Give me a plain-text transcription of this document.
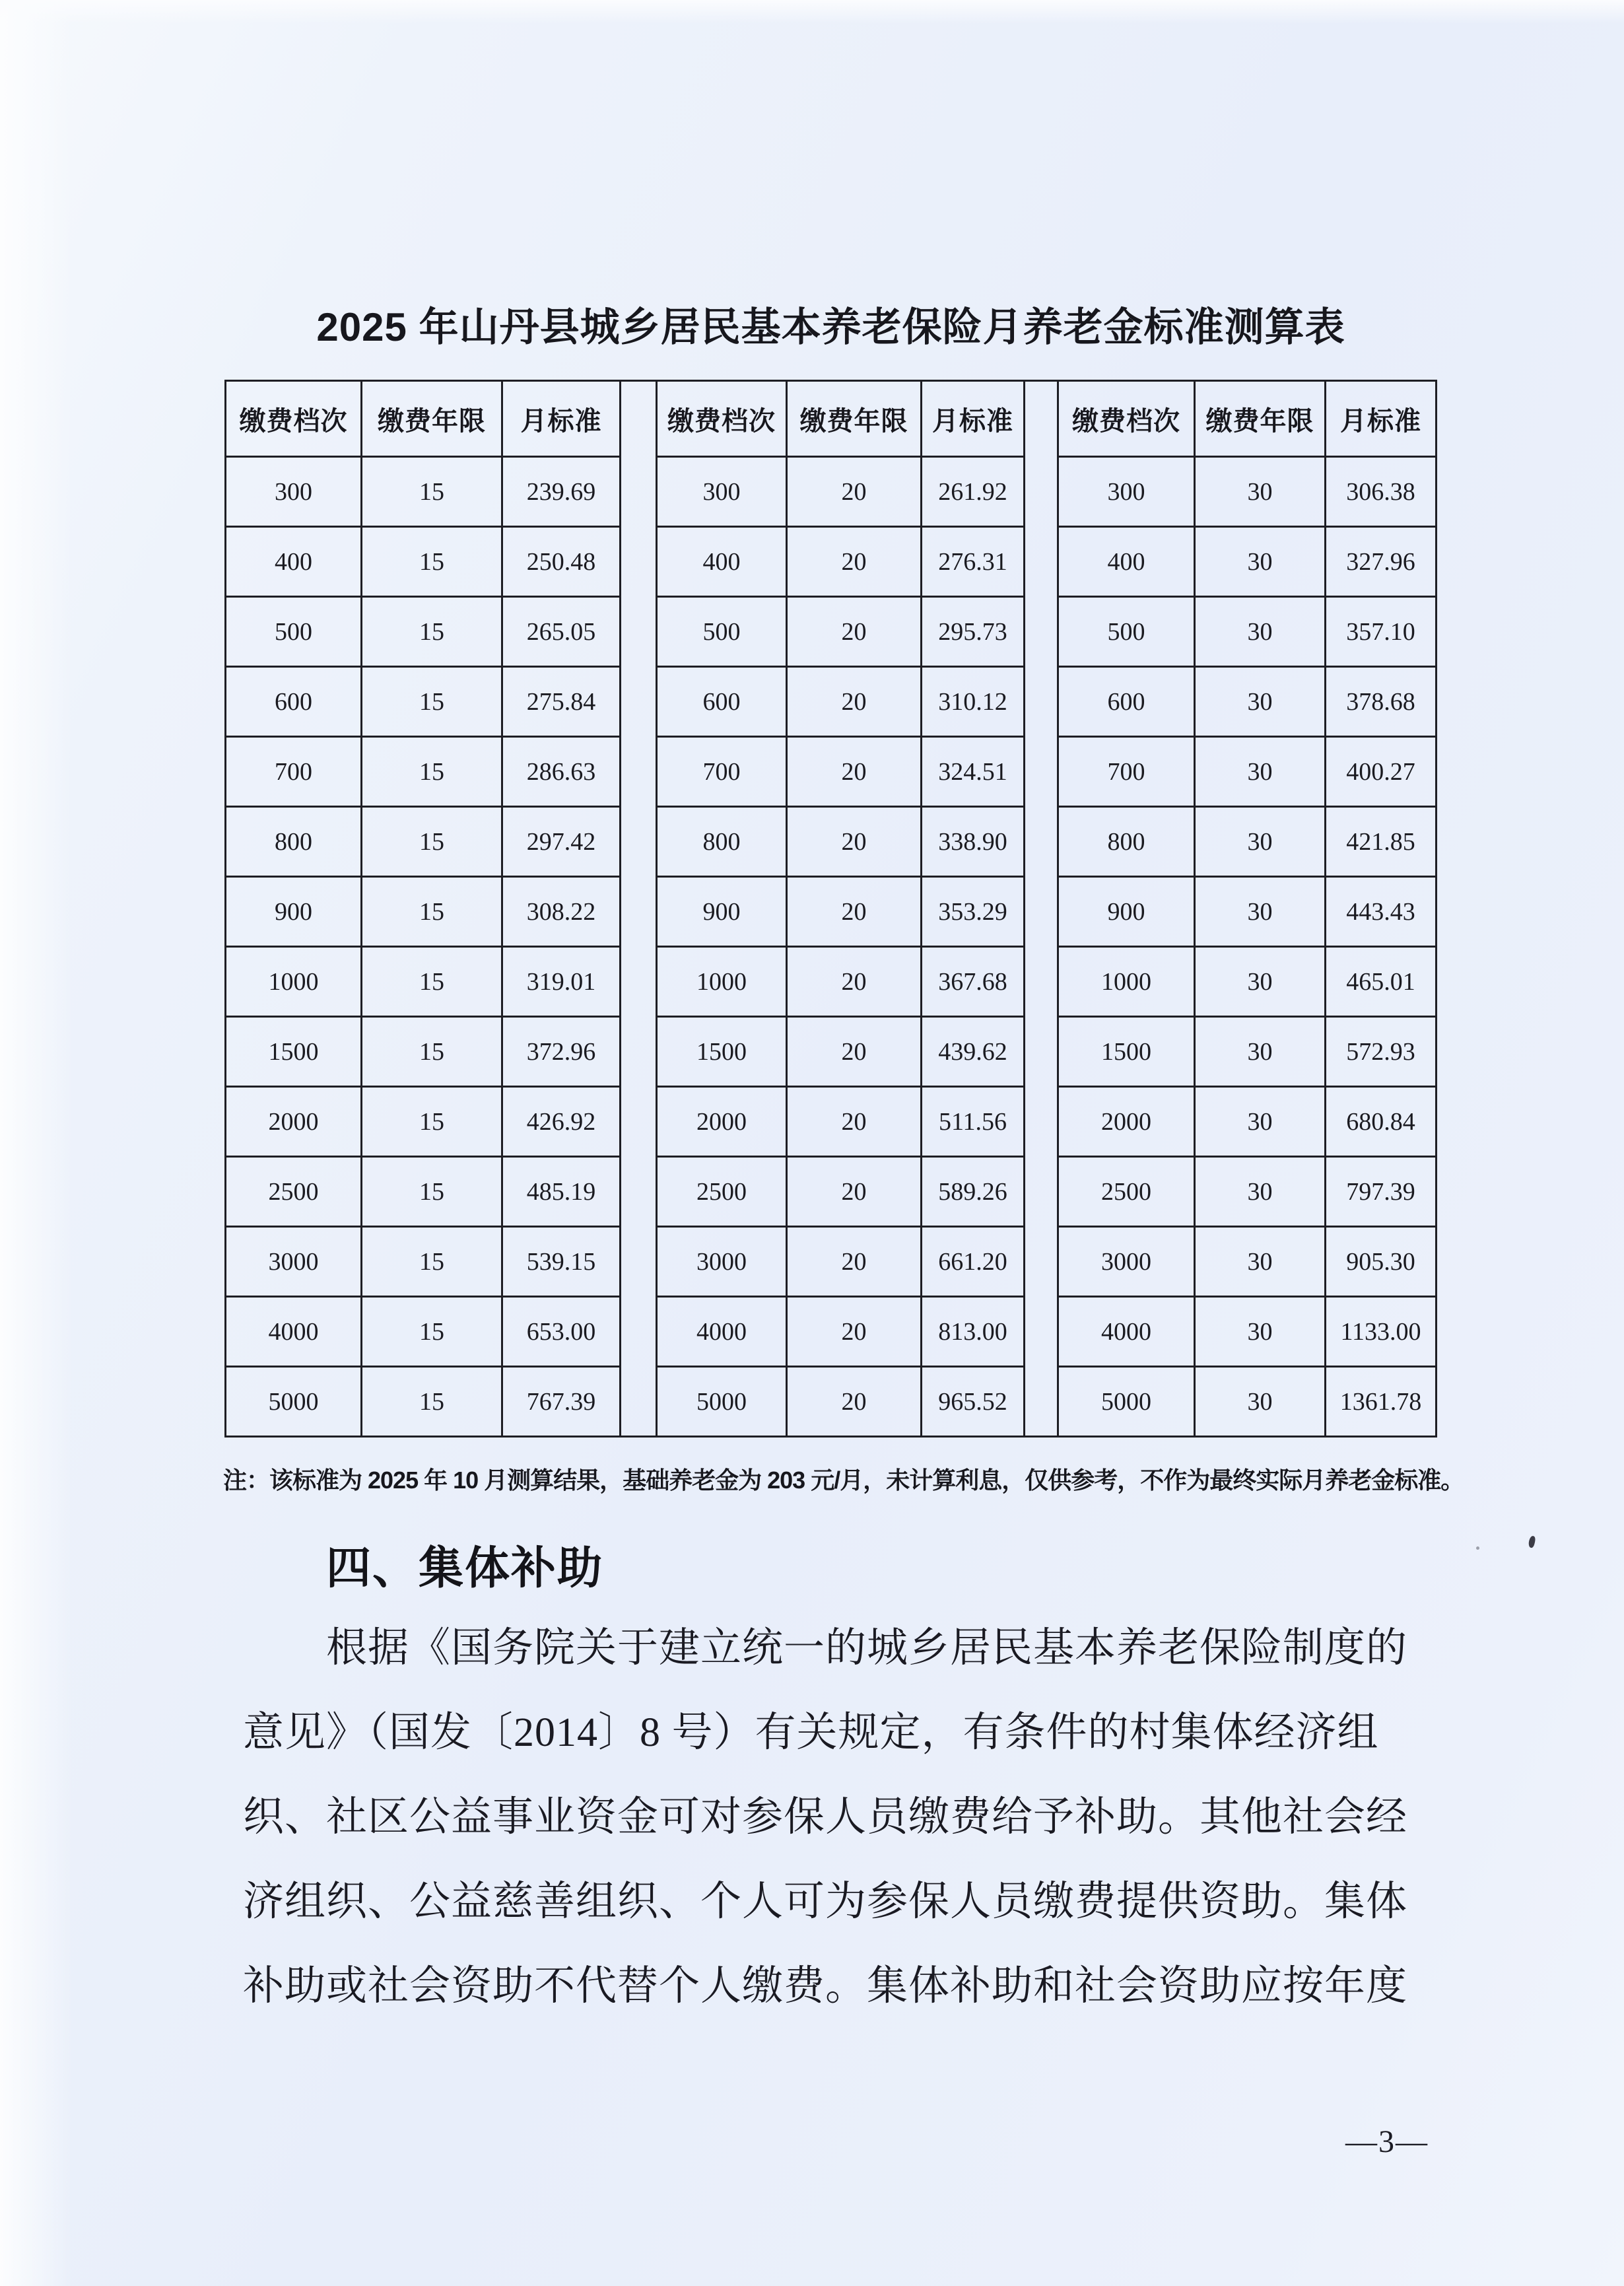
2025 年山丹县城乡居民基本养老保险月养老金标准测算表
缴费档次	缴费年限	月标准	缴费档次 缴费年限 月标准	缴费档次 缴费年限 月标准
300	15	239.69	300	20	261.92	300	30	306.38
400	15	250.48	400	20	276.31	400	30	327.96
500	15	265.05	500	20	295.73	500	30	357.10
600	15	275.84	600	20	310.12	600	30	378.68
700	15	286.63	700	20	324.51	700	30	400.27
800	15	297.42	800	20	338.90	800	30	421.85
900	15	308.22	900	20	353.29	900	30	443.43
1000	15	319.01	1000	20	367.68	1000	30	465.01
1500	15	372.96	1500	20	439.62	1500	30	572.93
2000	15	426.92	2000	20	511.56	2000	30	680.84
2500	15	485.19	2500	20	589.26	2500	30	797.39
3000	15	539.15	3000	20	661.20	3000	30	905.30
4000	15	653.00	4000	20	813.00	4000	30	1133.00
5000	15	767.39	5000	20	965.52	5000	30	1361.78
注：该标准为 2025 年 10 月测算结果，基础养老金为 203 元/月，未计算利息，仅供参考，不作为最终实际月养老金标准。
四、集体补助
根据《国务院关于建立统一的城乡居民基本养老保险制度的
意见》（国发〔2014〕8 号）有关规定，有条件的村集体经济组
织、社区公益事业资金可对参保人员缴费给予补助。其他社会经
济组织、公益慈善组织、个人可为参保人员缴费提供资助。集体
补助或社会资助不代替个人缴费。集体补助和社会资助应按年度
—3—
